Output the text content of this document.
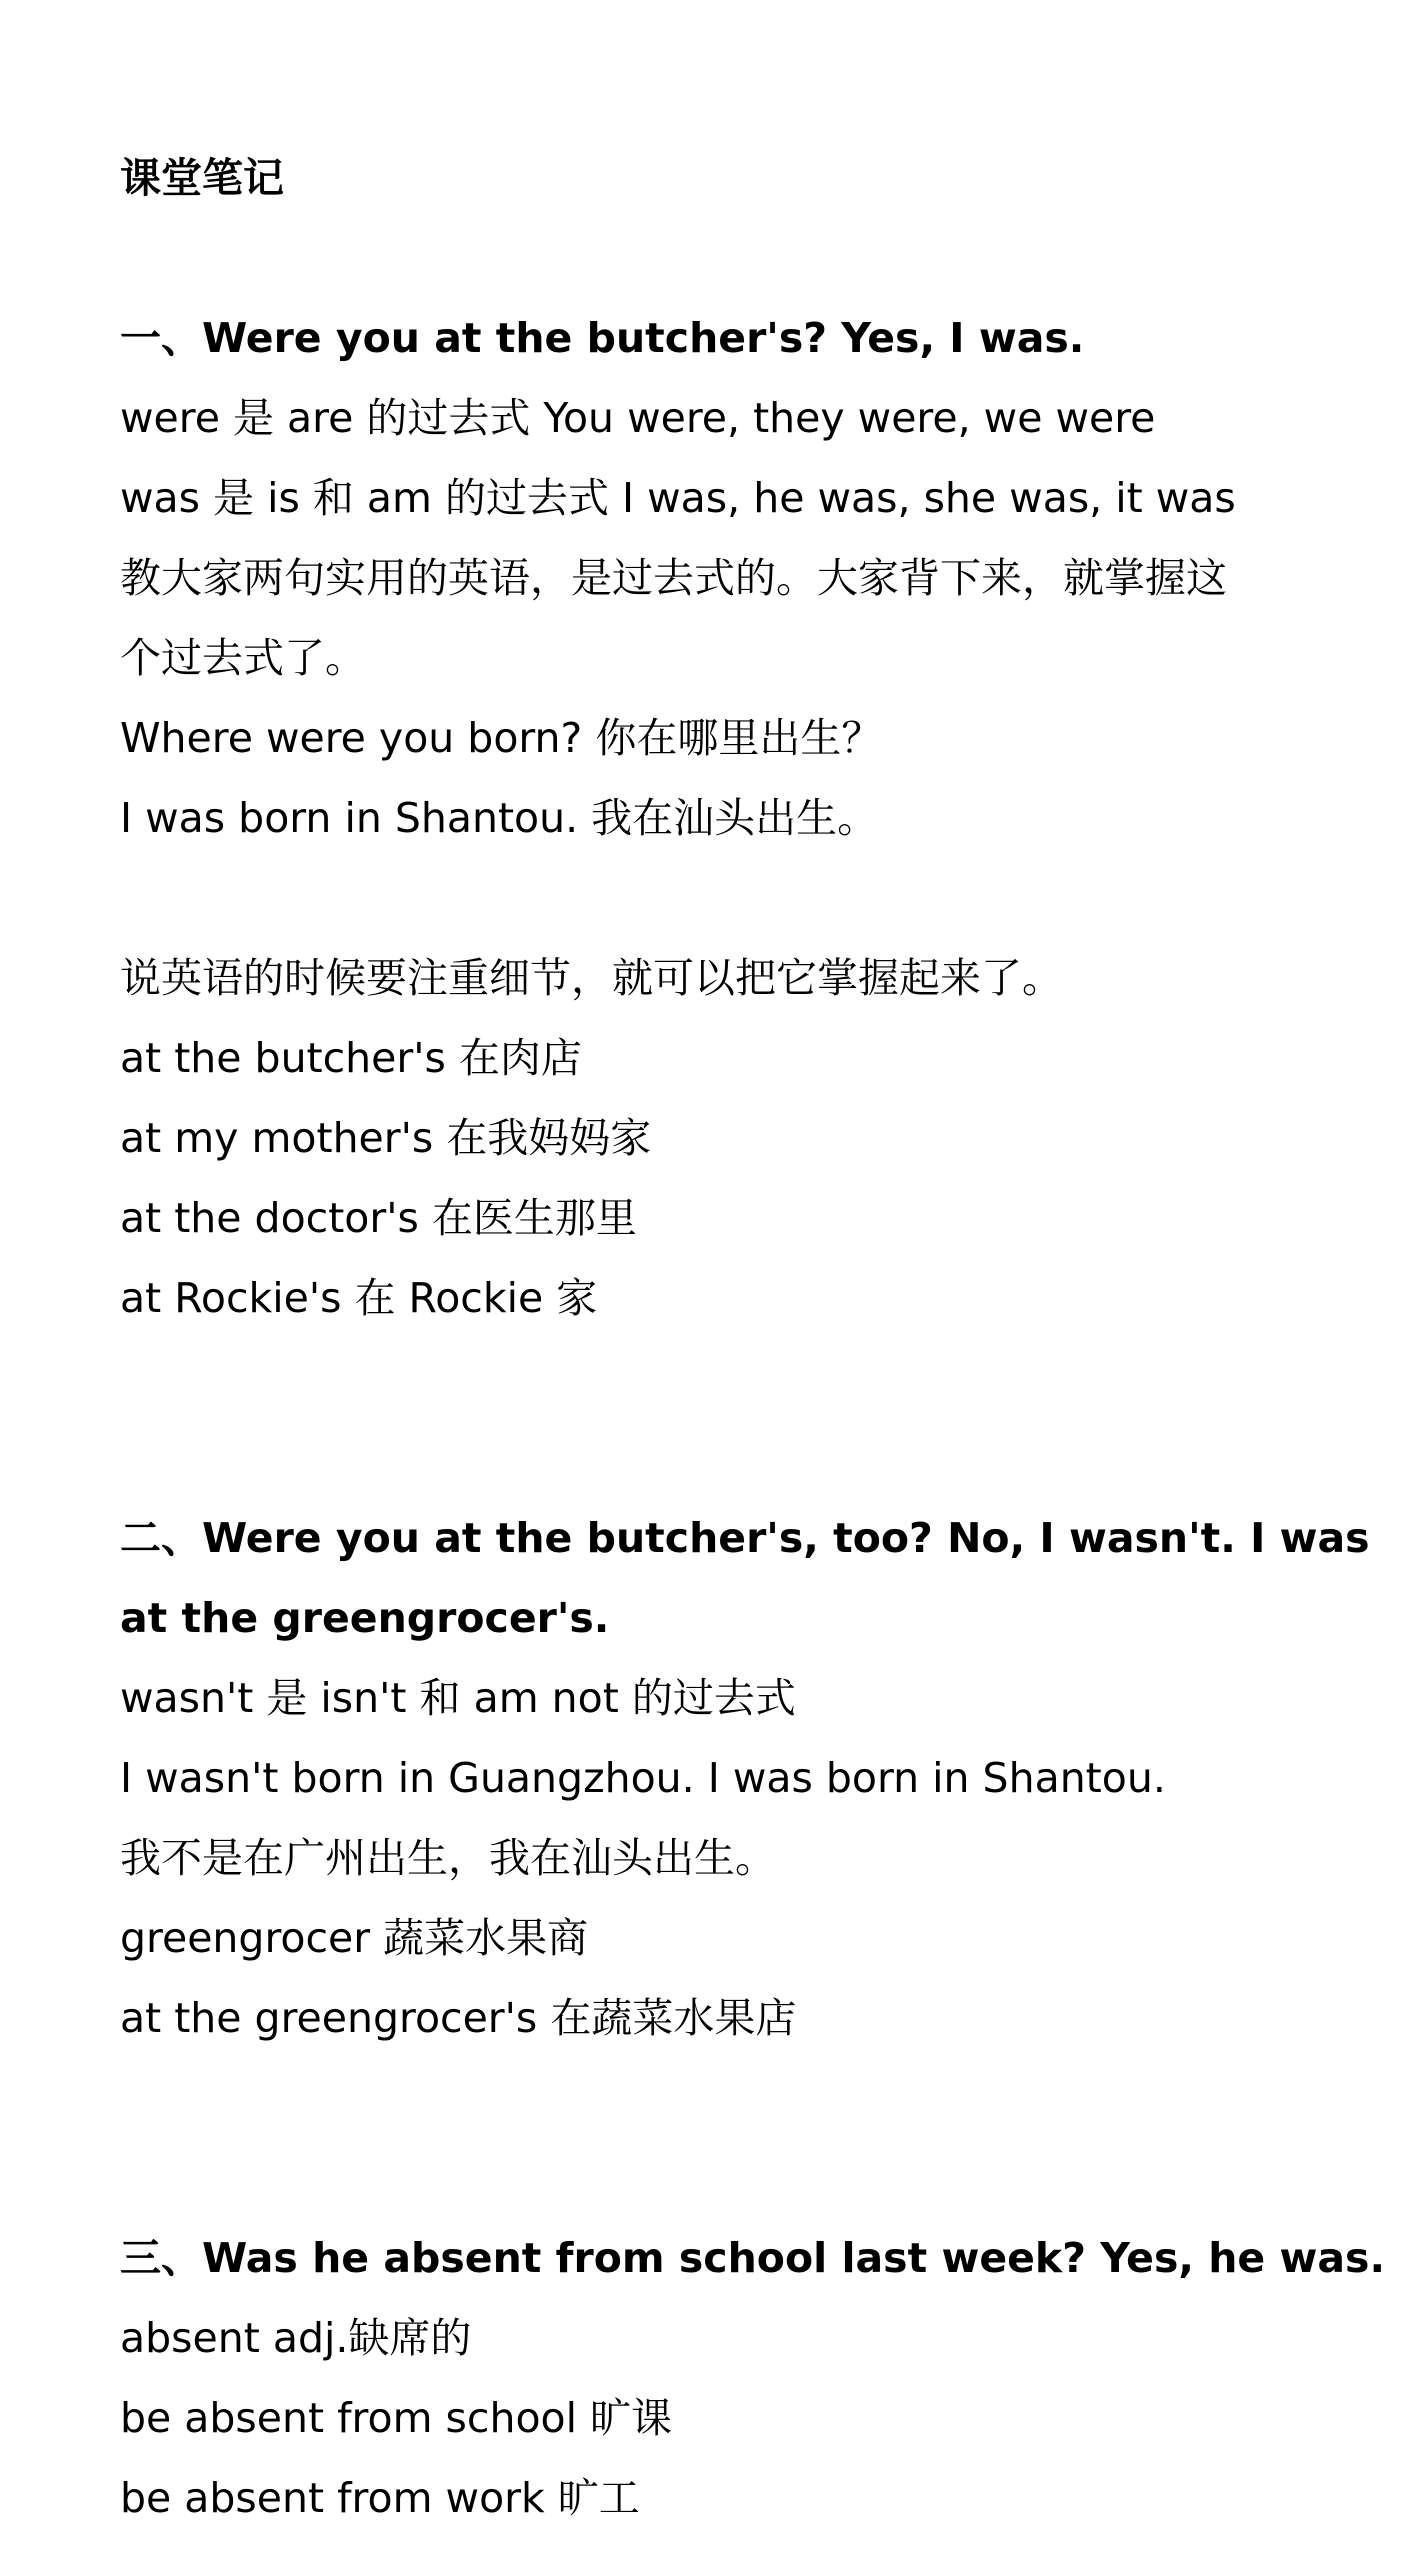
课堂笔记
一、Were you at the butcher's? Yes, I was.
were 是 are 的过去式 You were, they were, we were
was 是 is 和 am 的过去式 I was, he was, she was, it was
教大家两句实用的英语，是过去式的。大家背下来，就掌握这
个过去式了。
Where were you born? 你在哪里出生？
I was born in Shantou. 我在汕头出生。
说英语的时候要注重细节，就可以把它掌握起来了。
at the butcher's 在肉店
at my mother's 在我妈妈家
at the doctor's 在医生那里
at Rockie's 在 Rockie 家
二、Were you at the butcher's, too? No, I wasn't. I was
at the greengrocer's.
wasn't 是 isn't 和 am not 的过去式
I wasn't born in Guangzhou. I was born in Shantou.
我不是在广州出生，我在汕头出生。
greengrocer 蔬菜水果商
at the greengrocer's 在蔬菜水果店
三、Was he absent from school last week? Yes, he was.
absent adj.缺席的
be absent from school 旷课
be absent from work 旷工
